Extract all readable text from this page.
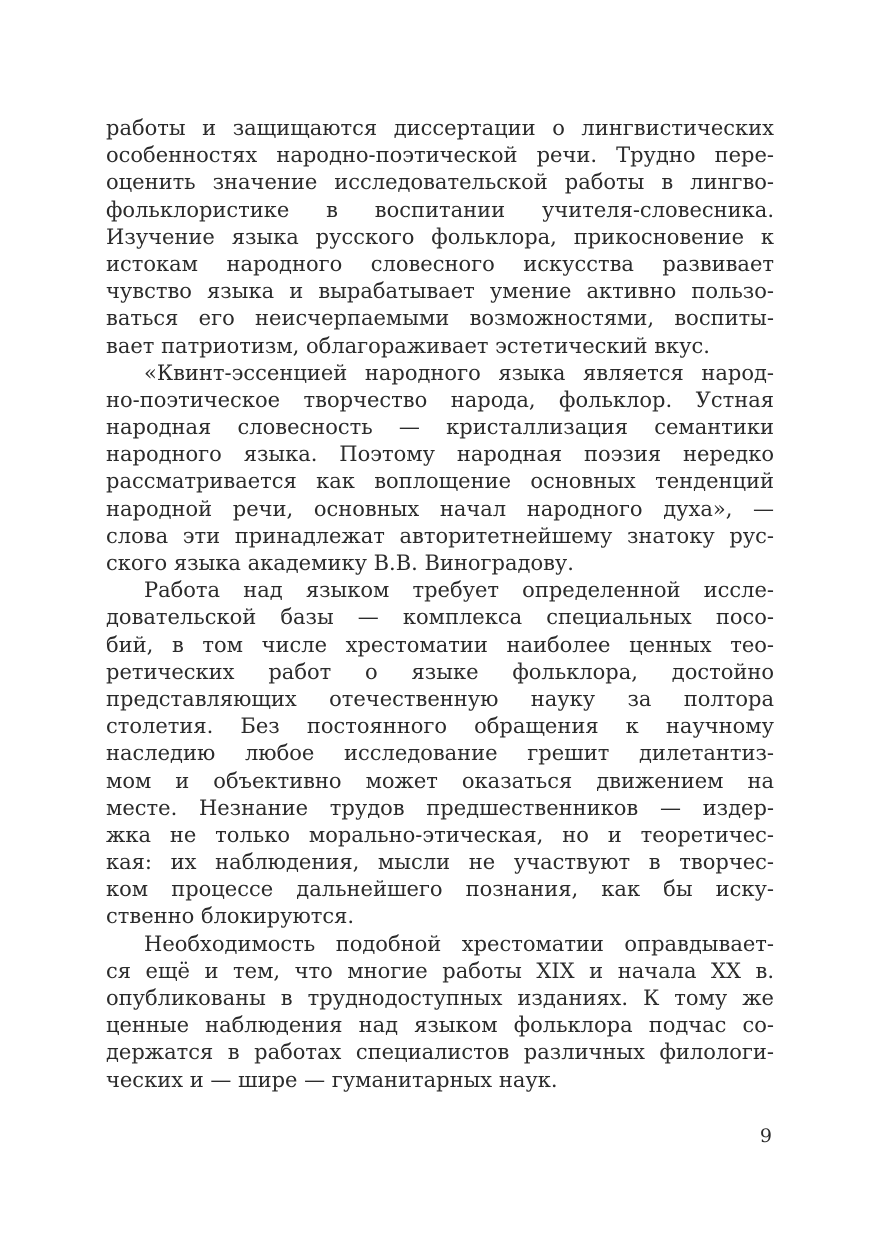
работы и защищаются диссертации о лингвистических
особенностях народно-поэтической речи. Трудно пере-
оценить значение исследовательской работы в лингво-
фольклористике в воспитании учителя-словесника.
Изучение языка русского фольклора, прикосновение к
истокам народного словесного искусства развивает
чувство языка и вырабатывает умение активно пользо-
ваться его неисчерпаемыми возможностями, воспиты-
вает патриотизм, облагораживает эстетический вкус.
«Квинт-эссенцией народного языка является народ-
но-поэтическое творчество народа, фольклор. Устная
народная словесность — кристаллизация семантики
народного языка. Поэтому народная поэзия нередко
рассматривается как воплощение основных тенденций
народной речи, основных начал народного духа», —
слова эти принадлежат авторитетнейшему знатоку рус-
ского языка академику В.В. Виноградову.
Работа над языком требует определенной иссле-
довательской базы — комплекса специальных посо-
бий, в том числе хрестоматии наиболее ценных тео-
ретических работ о языке фольклора, достойно
представляющих отечественную науку за полтора
столетия. Без постоянного обращения к научному
наследию любое исследование грешит дилетантиз-
мом и объективно может оказаться движением на
месте. Незнание трудов предшественников — издер-
жка не только морально-этическая, но и теоретичес-
кая: их наблюдения, мысли не участвуют в творчес-
ком процессе дальнейшего познания, как бы иску-
ственно блокируются.
Необходимость подобной хрестоматии оправдывает-
ся ещё и тем, что многие работы XIX и начала XX в.
опубликованы в труднодоступных изданиях. К тому же
ценные наблюдения над языком фольклора подчас со-
держатся в работах специалистов различных филологи-
ческих и — шире — гуманитарных наук.
9
